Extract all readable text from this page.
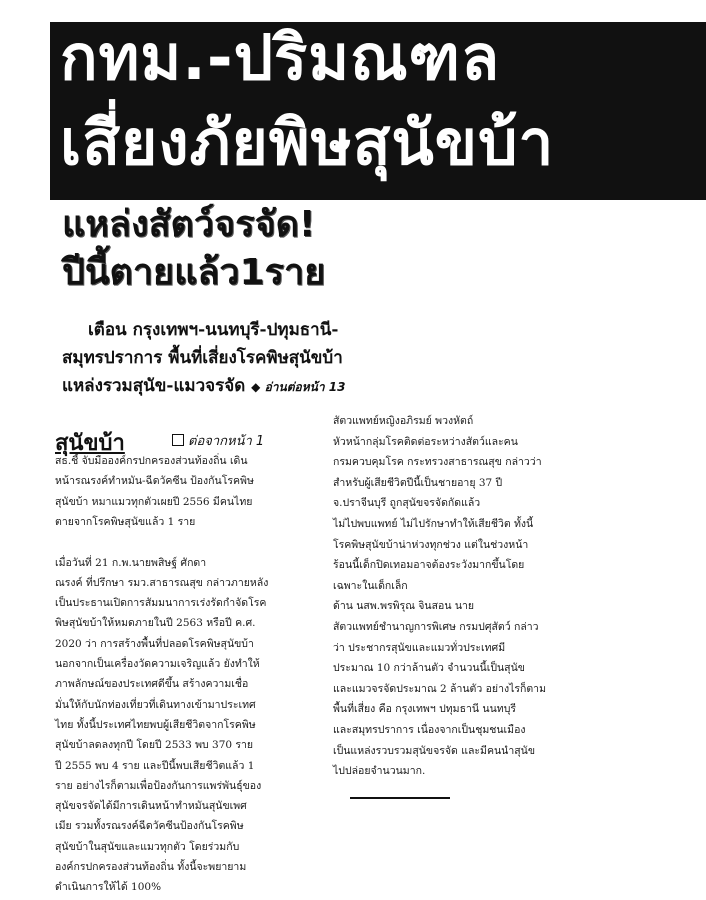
กทม.-ปริมณฑล
เสี่ยงภัยพิษสุนัขบ้า
แหล่งสัตว์จรจัด!
ปีนี้ตายแล้ว1ราย
เตือน กรุงเทพฯ-นนทบุรี-ปทุมธานี-
สมุทรปราการ พื้นที่เสี่ยงโรคพิษสุนัขบ้า
แหล่งรวมสุนัข-แมวจรจัด ◆ อ่านต่อหน้า 13
สุนัขบ้า	ต่อจากหน้า 1
สธ.ชี้ จับมือองค์กรปกครองส่วนท้องถิ่น เดิน
หน้ารณรงค์ทำหมัน-ฉีดวัคซีน ป้องกันโรคพิษ
สุนัขบ้า หมาแมวทุกตัวเผยปี 2556 มีคนไทย
ตายจากโรคพิษสุนัขแล้ว 1 ราย
เมื่อวันที่ 21 ก.พ.นายพสิษฐ์ ศักดา
ณรงค์ ที่ปรึกษา รมว.สาธารณสุข กล่าวภายหลัง
เป็นประธานเปิดการสัมมนาการเร่งรัดกำจัดโรค
พิษสุนัขบ้าให้หมดภายในปี 2563 หรือปี ค.ศ.
2020 ว่า การสร้างพื้นที่ปลอดโรคพิษสุนัขบ้า
นอกจากเป็นเครื่องวัดความเจริญแล้ว ยังทำให้
ภาพลักษณ์ของประเทศดีขึ้น สร้างความเชื่อ
มั่นให้กับนักท่องเที่ยวที่เดินทางเข้ามาประเทศ
ไทย ทั้งนี้ประเทศไทยพบผู้เสียชีวิตจากโรคพิษ
สุนัขบ้าลดลงทุกปี โดยปี 2533 พบ 370 ราย
ปี 2555 พบ 4 ราย และปีนี้พบเสียชีวิตแล้ว 1
ราย อย่างไรก็ตามเพื่อป้องกันการแพร่พันธุ์ของ
สุนัขจรจัดได้มีการเดินหน้าทำหมันสุนัขเพศ
เมีย รวมทั้งรณรงค์ฉีดวัคซีนป้องกันโรคพิษ
สุนัขบ้าในสุนัขและแมวทุกตัว โดยร่วมกับ
องค์กรปกครองส่วนท้องถิ่น ทั้งนี้จะพยายาม
ดำเนินการให้ได้ 100%
สัตวแพทย์หญิงอภิรมย์ พวงหัตถ์
หัวหน้ากลุ่มโรคติดต่อระหว่างสัตว์และคน
กรมควบคุมโรค กระทรวงสาธารณสุข กล่าวว่า
สำหรับผู้เสียชีวิตปีนี้เป็นชายอายุ 37 ปี
จ.ปราจีนบุรี ถูกสุนัขจรจัดกัดแล้ว
ไม่ไปพบแพทย์ ไม่ไปรักษาทำให้เสียชีวิต ทั้งนี้
โรคพิษสุนัขบ้าน่าห่วงทุกช่วง แต่ในช่วงหน้า
ร้อนนี้เด็กปิดเทอมอาจต้องระวังมากขึ้นโดย
เฉพาะในเด็กเล็ก
ด้าน นสพ.พรพิรุณ จินสอน นาย
สัตวแพทย์ชำนาญการพิเศษ กรมปศุสัตว์ กล่าว
ว่า ประชากรสุนัขและแมวทั่วประเทศมี
ประมาณ 10 กว่าล้านตัว จำนวนนี้เป็นสุนัข
และแมวจรจัดประมาณ 2 ล้านตัว อย่างไรก็ตาม
พื้นที่เสี่ยง คือ กรุงเทพฯ ปทุมธานี นนทบุรี
และสมุทรปราการ เนื่องจากเป็นชุมชนเมือง
เป็นแหล่งรวบรวมสุนัขจรจัด และมีคนนำสุนัข
ไปปล่อยจำนวนมาก.
